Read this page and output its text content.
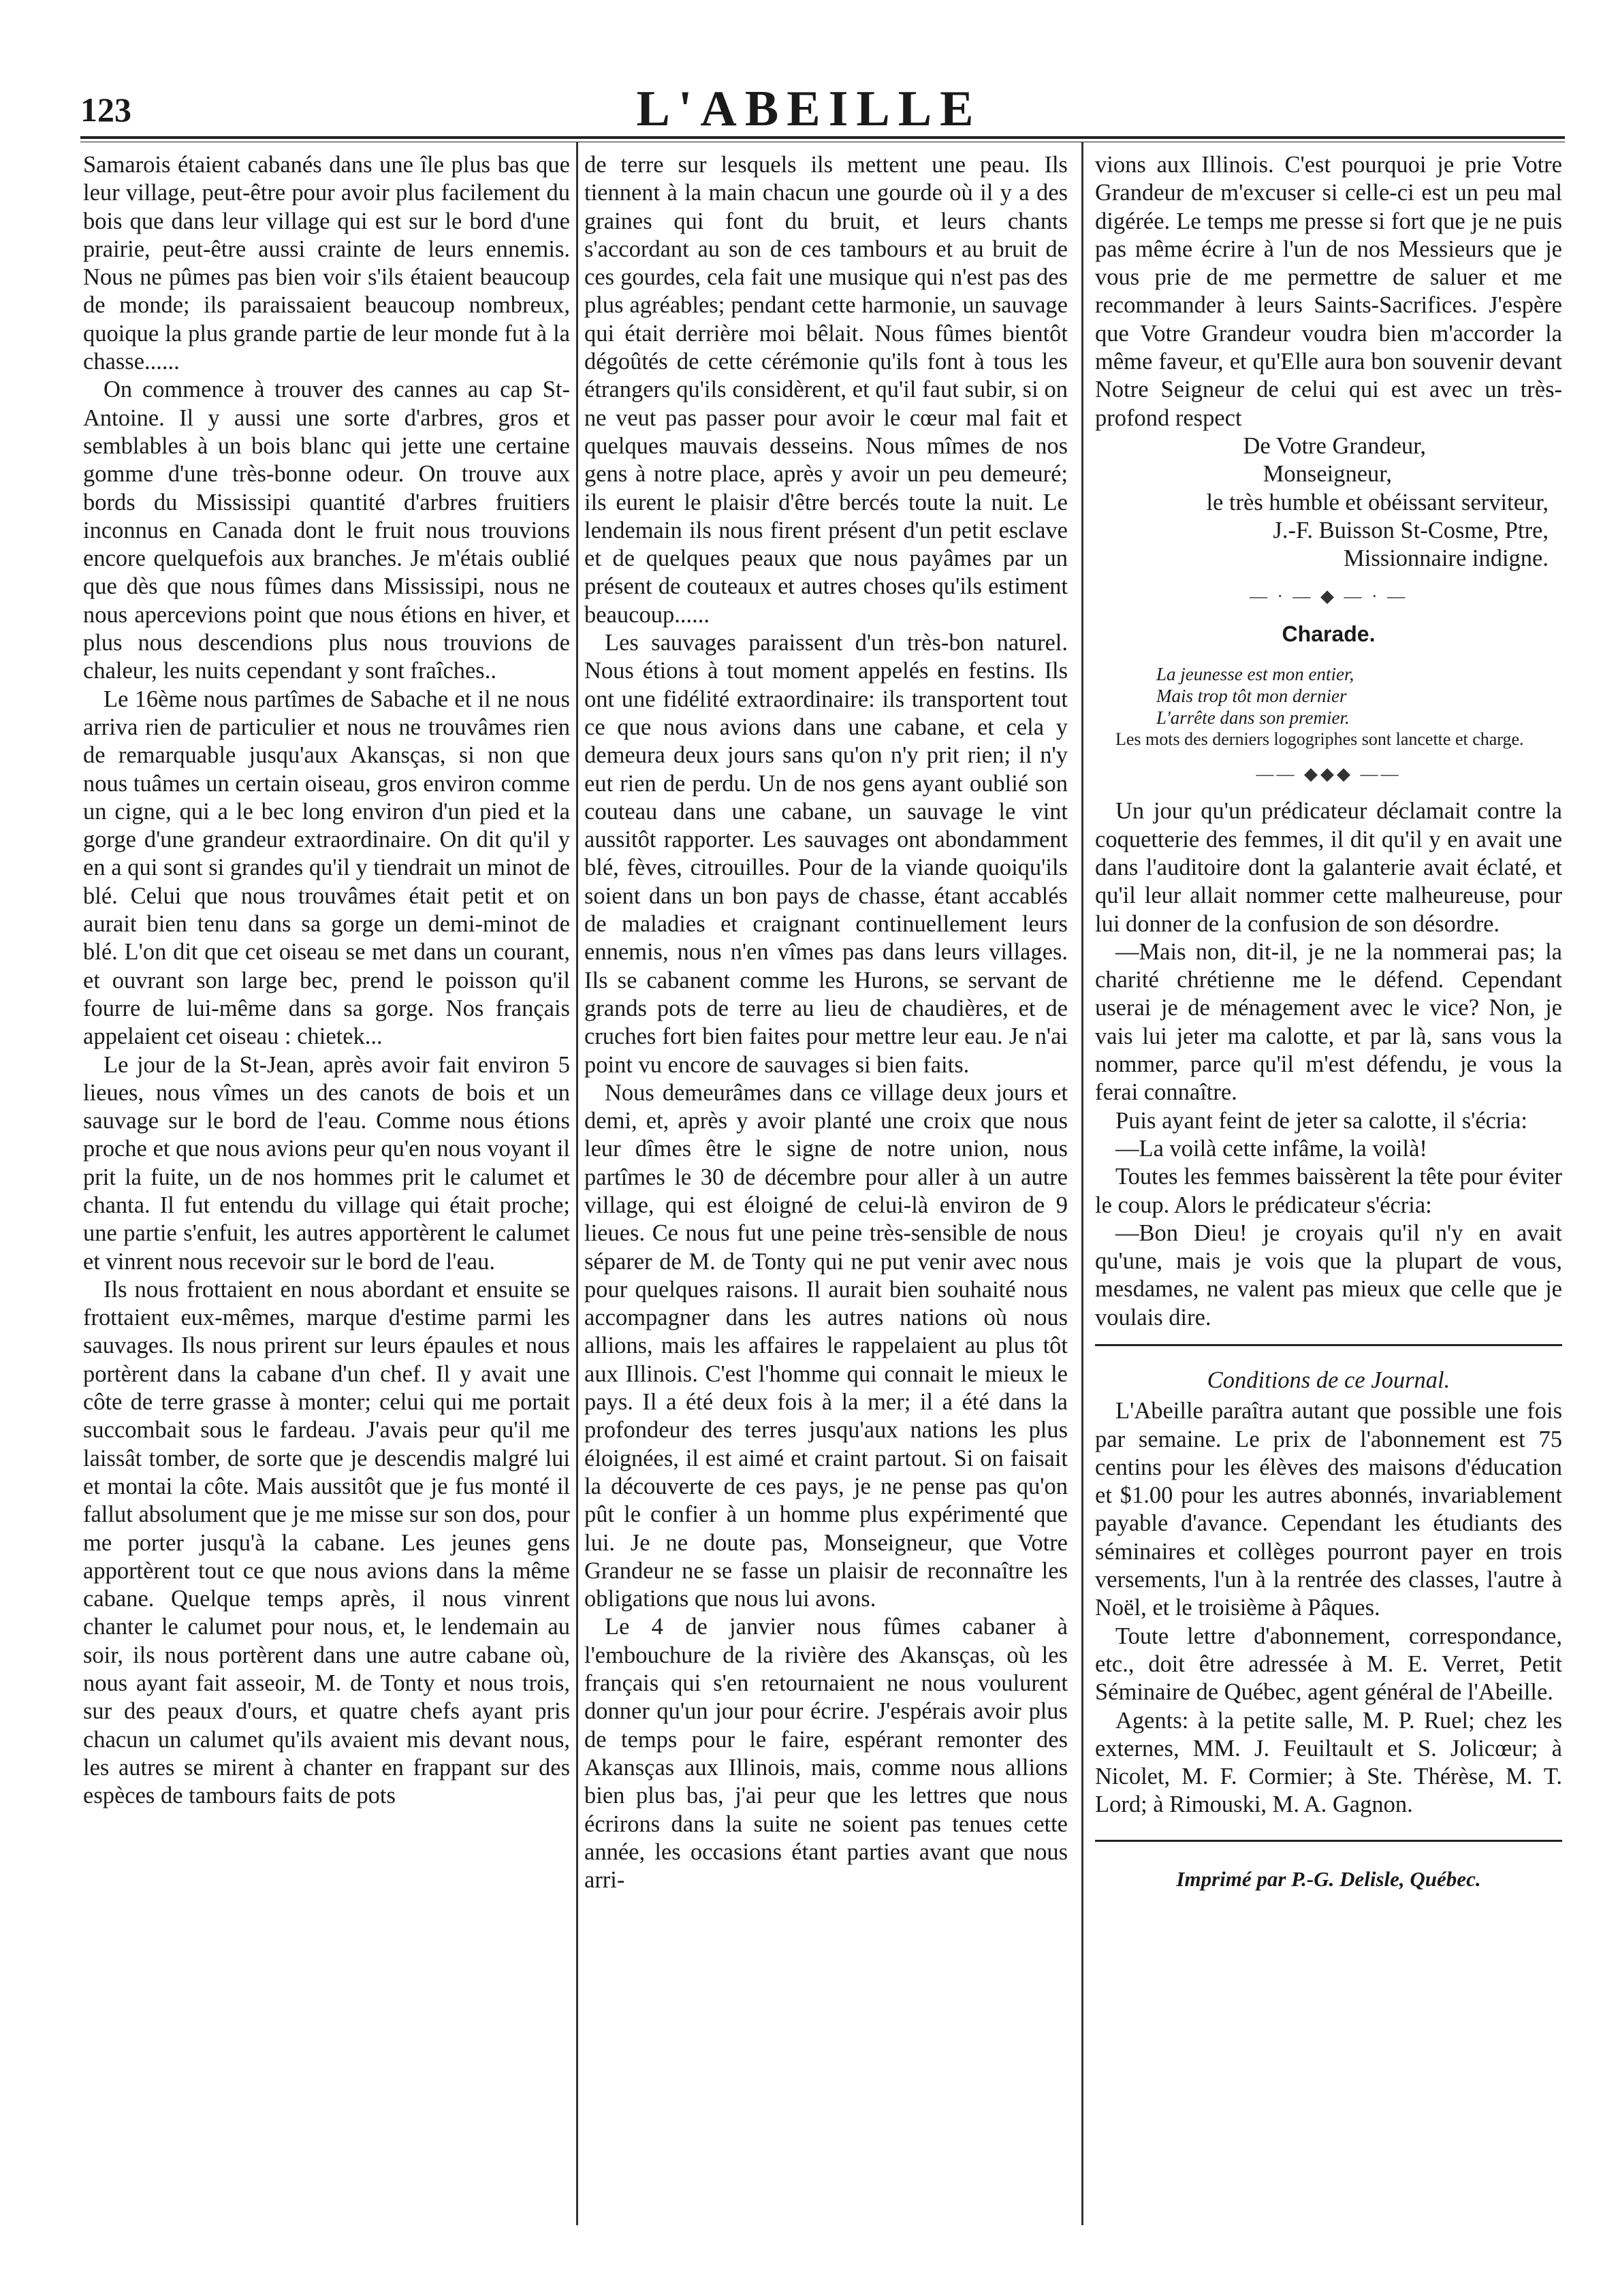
123	L'ABEILLE

Samarois étaient cabanés dans une île plus bas que leur village, peut-être pour avoir plus facilement du bois que dans leur village qui est sur le bord d'une prairie, peut-être aussi crainte de leurs ennemis. Nous ne pûmes pas bien voir s'ils étaient beaucoup de monde; ils paraissaient beaucoup nombreux, quoique la plus grande partie de leur monde fut à la chasse......

On commence à trouver des cannes au cap St-Antoine. Il y aussi une sorte d'arbres, gros et semblables à un bois blanc qui jette une certaine gomme d'une très-bonne odeur. On trouve aux bords du Mississipi quantité d'arbres fruitiers inconnus en Canada dont le fruit nous trouvions encore quelquefois aux branches. Je m'étais oublié que dès que nous fûmes dans Mississipi, nous ne nous apercevions point que nous étions en hiver, et plus nous descendions plus nous trouvions de chaleur, les nuits cependant y sont fraîches..

Le 16ème nous partîmes de Sabache et il ne nous arriva rien de particulier et nous ne trouvâmes rien de remarquable jusqu'aux Akansças, si non que nous tuâmes un certain oiseau, gros environ comme un cigne, qui a le bec long environ d'un pied et la gorge d'une grandeur extraordinaire. On dit qu'il y en a qui sont si grandes qu'il y tiendrait un minot de blé. Celui que nous trouvâmes était petit et on aurait bien tenu dans sa gorge un demi-minot de blé. L'on dit que cet oiseau se met dans un courant, et ouvrant son large bec, prend le poisson qu'il fourre de lui-même dans sa gorge. Nos français appelaient cet oiseau : chietek...

Le jour de la St-Jean, après avoir fait environ 5 lieues, nous vîmes un des canots de bois et un sauvage sur le bord de l'eau. Comme nous étions proche et que nous avions peur qu'en nous voyant il prit la fuite, un de nos hommes prit le calumet et chanta. Il fut entendu du village qui était proche; une partie s'enfuit, les autres apportèrent le calumet et vinrent nous recevoir sur le bord de l'eau.

Ils nous frottaient en nous abordant et ensuite se frottaient eux-mêmes, marque d'estime parmi les sauvages. Ils nous prirent sur leurs épaules et nous portèrent dans la cabane d'un chef. Il y avait une côte de terre grasse à monter; celui qui me portait succombait sous le fardeau. J'avais peur qu'il me laissât tomber, de sorte que je descendis malgré lui et montai la côte. Mais aussitôt que je fus monté il fallut absolument que je me misse sur son dos, pour me porter jusqu'à la cabane. Les jeunes gens apportèrent tout ce que nous avions dans la même cabane. Quelque temps après, il nous vinrent chanter le calumet pour nous, et, le lendemain au soir, ils nous portèrent dans une autre cabane où, nous ayant fait asseoir, M. de Tonty et nous trois, sur des peaux d'ours, et quatre chefs ayant pris chacun un calumet qu'ils avaient mis devant nous, les autres se mirent à chanter en frappant sur des espèces de tambours faits de pots

de terre sur lesquels ils mettent une peau. Ils tiennent à la main chacun une gourde où il y a des graines qui font du bruit, et leurs chants s'accordant au son de ces tambours et au bruit de ces gourdes, cela fait une musique qui n'est pas des plus agréables; pendant cette harmonie, un sauvage qui était derrière moi bêlait. Nous fûmes bientôt dégoûtés de cette cérémonie qu'ils font à tous les étrangers qu'ils considèrent, et qu'il faut subir, si on ne veut pas passer pour avoir le cœur mal fait et quelques mauvais desseins. Nous mîmes de nos gens à notre place, après y avoir un peu demeuré; ils eurent le plaisir d'être bercés toute la nuit. Le lendemain ils nous firent présent d'un petit esclave et de quelques peaux que nous payâmes par un présent de couteaux et autres choses qu'ils estiment beaucoup......

Les sauvages paraissent d'un très-bon naturel. Nous étions à tout moment appelés en festins. Ils ont une fidélité extraordinaire: ils transportent tout ce que nous avions dans une cabane, et cela y demeura deux jours sans qu'on n'y prit rien; il n'y eut rien de perdu. Un de nos gens ayant oublié son couteau dans une cabane, un sauvage le vint aussitôt rapporter. Les sauvages ont abondamment blé, fèves, citrouilles. Pour de la viande quoiqu'ils soient dans un bon pays de chasse, étant accablés de maladies et craignant continuellement leurs ennemis, nous n'en vîmes pas dans leurs villages. Ils se cabanent comme les Hurons, se servant de grands pots de terre au lieu de chaudières, et de cruches fort bien faites pour mettre leur eau. Je n'ai point vu encore de sauvages si bien faits.

Nous demeurâmes dans ce village deux jours et demi, et, après y avoir planté une croix que nous leur dîmes être le signe de notre union, nous partîmes le 30 de décembre pour aller à un autre village, qui est éloigné de celui-là environ de 9 lieues. Ce nous fut une peine très-sensible de nous séparer de M. de Tonty qui ne put venir avec nous pour quelques raisons. Il aurait bien souhaité nous accompagner dans les autres nations où nous allions, mais les affaires le rappelaient au plus tôt aux Illinois. C'est l'homme qui connait le mieux le pays. Il a été deux fois à la mer; il a été dans la profondeur des terres jusqu'aux nations les plus éloignées, il est aimé et craint partout. Si on faisait la découverte de ces pays, je ne pense pas qu'on pût le confier à un homme plus expérimenté que lui. Je ne doute pas, Monseigneur, que Votre Grandeur ne se fasse un plaisir de reconnaître les obligations que nous lui avons.

Le 4 de janvier nous fûmes cabaner à l'embouchure de la rivière des Akansças, où les français qui s'en retournaient ne nous voulurent donner qu'un jour pour écrire. J'espérais avoir plus de temps pour le faire, espérant remonter des Akansças aux Illinois, mais, comme nous allions bien plus bas, j'ai peur que les lettres que nous écrirons dans la suite ne soient pas tenues cette année, les occasions étant parties avant que nous arri-

vions aux Illinois. C'est pourquoi je prie Votre Grandeur de m'excuser si celle-ci est un peu mal digérée. Le temps me presse si fort que je ne puis pas même écrire à l'un de nos Messieurs que je vous prie de me permettre de saluer et me recommander à leurs Saints-Sacrifices. J'espère que Votre Grandeur voudra bien m'accorder la même faveur, et qu'Elle aura bon souvenir devant Notre Seigneur de celui qui est avec un très-profond respect

De Votre Grandeur,
Monseigneur,
le très humble et obéissant serviteur,
J.-F. Buisson St-Cosme, Ptre,
Missionnaire indigne.
— · — ◆ — · —
Charade.
La jeunesse est mon entier,
Mais trop tôt mon dernier
L'arrête dans son premier.

Les mots des derniers logogriphes sont lancette et charge.

—— ◆◆◆ ——

Un jour qu'un prédicateur déclamait contre la coquetterie des femmes, il dit qu'il y en avait une dans l'auditoire dont la galanterie avait éclaté, et qu'il leur allait nommer cette malheureuse, pour lui donner de la confusion de son désordre.

—Mais non, dit-il, je ne la nommerai pas; la charité chrétienne me le défend. Cependant userai je de ménagement avec le vice? Non, je vais lui jeter ma calotte, et par là, sans vous la nommer, parce qu'il m'est défendu, je vous la ferai connaître.

Puis ayant feint de jeter sa calotte, il s'écria:

—La voilà cette infâme, la voilà!

Toutes les femmes baissèrent la tête pour éviter le coup. Alors le prédicateur s'écria:

—Bon Dieu! je croyais qu'il n'y en avait qu'une, mais je vois que la plupart de vous, mesdames, ne valent pas mieux que celle que je voulais dire.

Conditions de ce Journal.

L'Abeille paraîtra autant que possible une fois par semaine. Le prix de l'abonnement est 75 centins pour les élèves des maisons d'éducation et $1.00 pour les autres abonnés, invariablement payable d'avance. Cependant les étudiants des séminaires et collèges pourront payer en trois versements, l'un à la rentrée des classes, l'autre à Noël, et le troisième à Pâques.

Toute lettre d'abonnement, correspondance, etc., doit être adressée à M. E. Verret, Petit Séminaire de Québec, agent général de l'Abeille.

Agents: à la petite salle, M. P. Ruel; chez les externes, MM. J. Feuiltault et S. Jolicœur; à Nicolet, M. F. Cormier; à Ste. Thérèse, M. T. Lord; à Rimouski, M. A. Gagnon.

Imprimé par P.-G. Delisle, Québec.
